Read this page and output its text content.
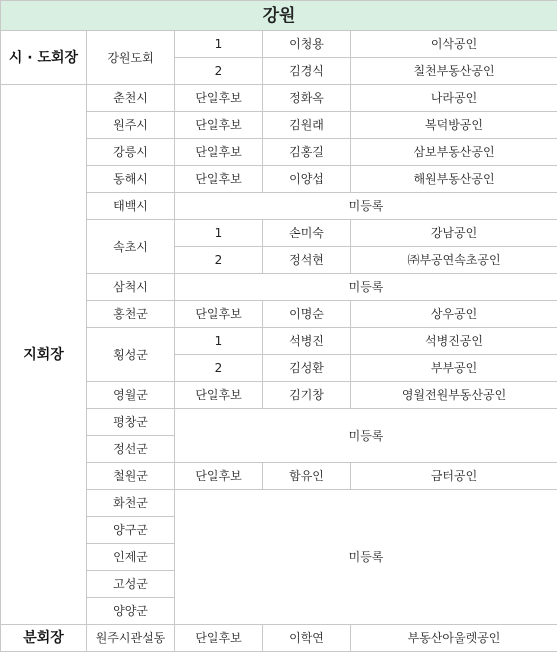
강원				
시 · 도회장	강원도회	1	이청용	이삭공인
		2	김경식	칠천부동산공인
지회장	춘천시	단일후보	정화옥	나라공인
	원주시	단일후보	김원래	복덕방공인
	강릉시	단일후보	김홍길	삼보부동산공인
	동해시	단일후보	이양섭	해원부동산공인
	태백시	미등록		
	속초시	1	손미숙	강남공인
		2	정석현	㈜부공연속초공인
	삼척시	미등록		
	홍천군	단일후보	이명순	상우공인
	횡성군	1	석병진	석병진공인
		2	김성환	부부공인
	영월군	단일후보	김기창	영월전원부동산공인
	평창군	미등록		
	정선군			
	철원군	단일후보	함유인	금터공인
	화천군	미등록		
	양구군			
	인제군			
	고성군			
	양양군			
분회장	원주시관설동	단일후보	이학연	부동산아울렛공인
